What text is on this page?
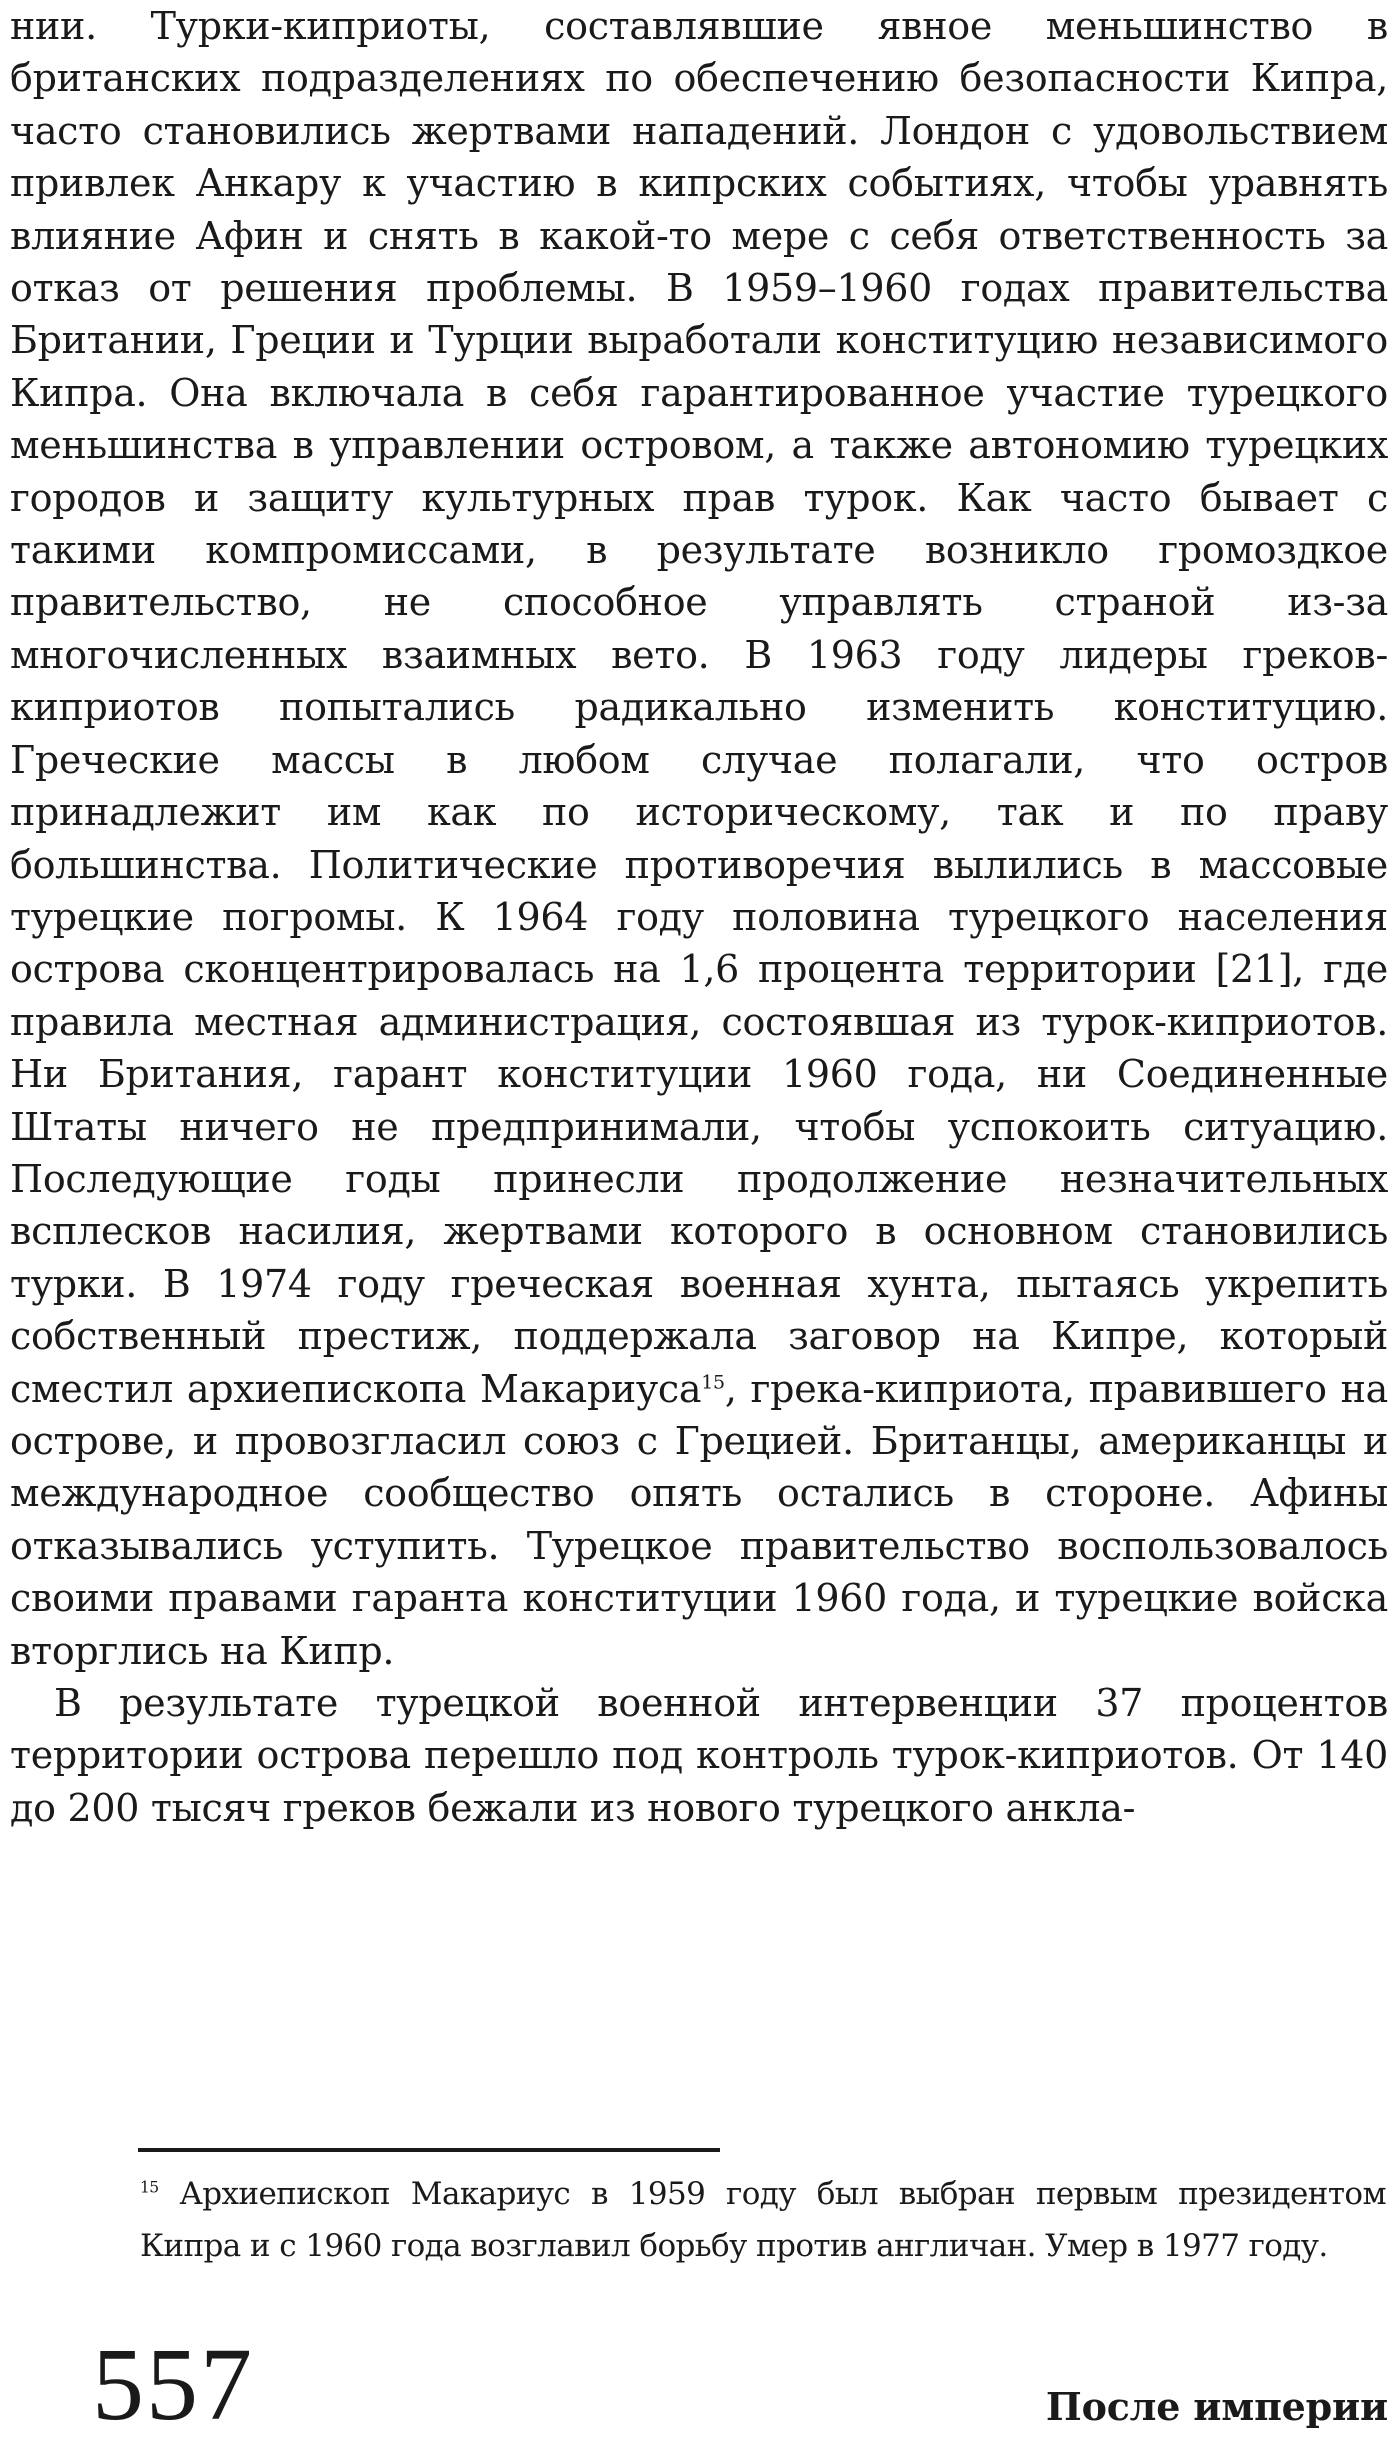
нии. Турки-киприоты, составлявшие явное меньшинство в британских подразделениях по обеспечению безопасности Кипра, часто становились жертвами нападений. Лондон с удовольствием привлек Анкару к участию в кипрских событиях, чтобы уравнять влияние Афин и снять в какой-то мере с себя ответственность за отказ от решения проблемы. В 1959–1960 годах правительства Британии, Греции и Турции выработали конституцию независимого Кипра. Она включала в себя гарантированное участие турецкого меньшинства в управлении островом, а также автономию турецких городов и защиту культурных прав турок. Как часто бывает с такими компромиссами, в результате возникло громоздкое правительство, не способное управлять страной из-за многочисленных взаимных вето. В 1963 году лидеры греков-киприотов попытались радикально изменить конституцию. Греческие массы в любом случае полагали, что остров принадлежит им как по историческому, так и по праву большинства. Политические противоречия вылились в массовые турецкие погромы. К 1964 году половина турецкого населения острова сконцентрировалась на 1,6 процента территории [21], где правила местная администрация, состоявшая из турок-киприотов. Ни Британия, гарант конституции 1960 года, ни Соединенные Штаты ничего не предпринимали, чтобы успокоить ситуацию. Последующие годы принесли продолжение незначительных всплесков насилия, жертвами которого в основном становились турки. В 1974 году греческая военная хунта, пытаясь укрепить собственный престиж, поддержала заговор на Кипре, который сместил архиепископа Макариуса$^{15}$, грека-киприота, правившего на острове, и провозгласил союз с Грецией. Британцы, американцы и международное сообщество опять остались в стороне. Афины отказывались уступить. Турецкое правительство воспользовалось своими правами гаранта конституции 1960 года, и турецкие войска вторглись на Кипр.

В результате турецкой военной интервенции 37 процентов территории острова перешло под контроль турок-киприотов. От 140 до 200 тысяч греков бежали из нового турецкого анкла-

$^{15}$ Архиепископ Макариус в 1959 году был выбран первым президентом Кипра и с 1960 года возглавил борьбу против англичан. Умер в 1977 году.
557	После империи
